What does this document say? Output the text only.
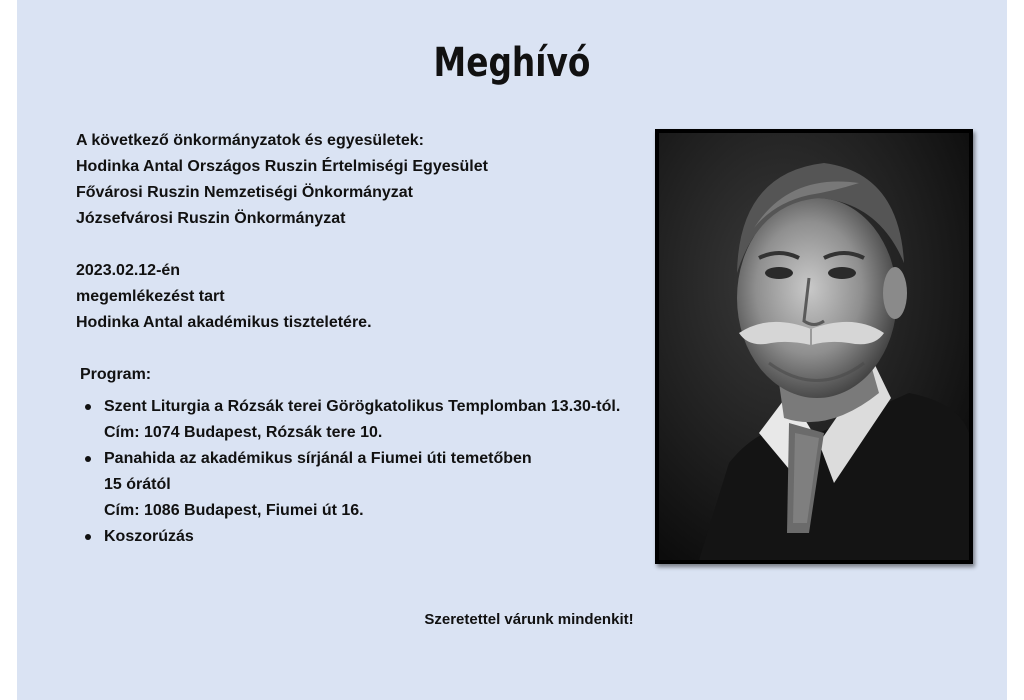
Meghívó
A következő önkormányzatok és egyesületek:
Hodinka Antal Országos Ruszin Értelmiségi Egyesület
Fővárosi Ruszin Nemzetiségi Önkormányzat
Józsefvárosi Ruszin Önkormányzat
2023.02.12-én
megemlékezést tart
Hodinka Antal akadémikus tiszteletére.
Program:
Szent Liturgia a Rózsák terei Görögkatolikus Templomban 13.30-tól.
Cím: 1074 Budapest, Rózsák tere 10.
Panahida az akadémikus sírjánál a Fiumei úti temetőben
15 órától
Cím: 1086 Budapest, Fiumei út 16.
Koszorúzás
Szeretettel várunk mindenkit!
